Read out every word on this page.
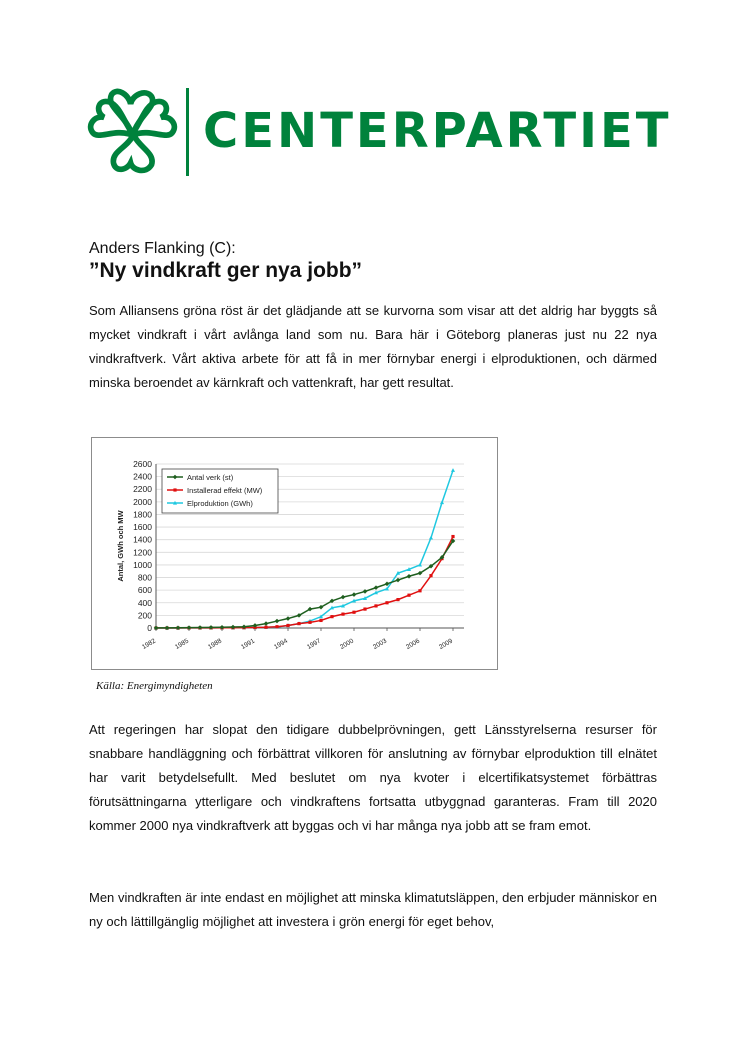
CENTERPARTIET
Anders Flanking (C):
”Ny vindkraft ger nya jobb”
Som Alliansens gröna röst är det glädjande att se kurvorna som visar att det aldrig har byggts så mycket vindkraft i vårt avlånga land som nu. Bara här i Göteborg planeras just nu 22 nya vindkraftverk. Vårt aktiva arbete för att få in mer förnybar energi i elproduktionen, och därmed minska beroendet av kärnkraft och vattenkraft, har gett resultat.
0
200
400
600
800
1000
1200
1400
1600
1800
2000
2200
2400
2600
1982	1985	1988	1991	1994	1997	2000	2003	2006	2009
Antal, GWh och MW
Antal verk (st)
Installerad effekt (MW)
Elproduktion (GWh)
Källa: Energimyndigheten
Att regeringen har slopat den tidigare dubbelprövningen, gett Länsstyrelserna resurser för snabbare handläggning och förbättrat villkoren för anslutning av förnybar elproduktion till elnätet har varit betydelsefullt. Med beslutet om nya kvoter i elcertifikatsystemet förbättras förutsättningarna ytterligare och vindkraftens fortsatta utbyggnad garanteras. Fram till 2020 kommer 2000 nya vindkraftverk att byggas och vi har många nya jobb att se fram emot.
Men vindkraften är inte endast en möjlighet att minska klimatutsläppen, den erbjuder människor en ny och lättillgänglig möjlighet att investera i grön energi för eget behov,
